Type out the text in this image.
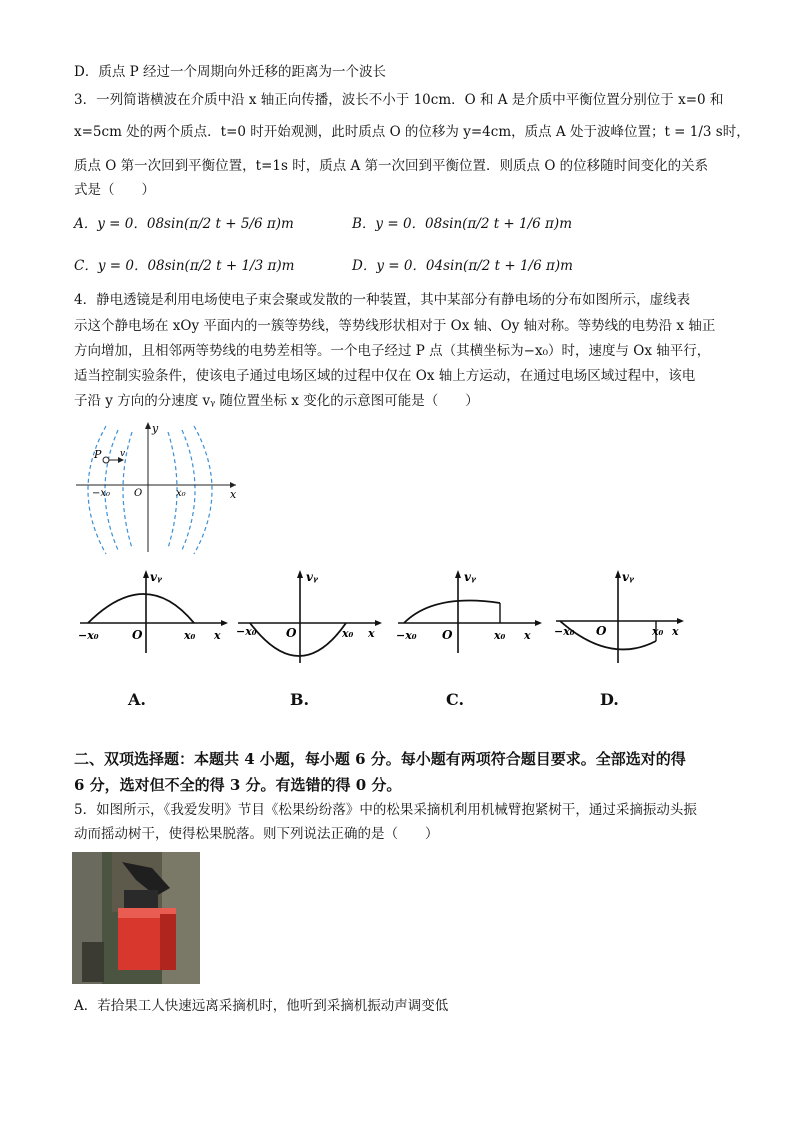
D．质点 P 经过一个周期向外迁移的距离为一个波长
3．一列简谐横波在介质中沿 x 轴正向传播，波长不小于 10cm．O 和 A 是介质中平衡位置分别位于 x=0 和
x=5cm 处的两个质点．t=0 时开始观测，此时质点 O 的位移为 y=4cm，质点 A 处于波峰位置；t = 1/3 s时，
质点 O 第一次回到平衡位置，t=1s 时，质点 A 第一次回到平衡位置．则质点 O 的位移随时间变化的关系
式是（　　）
A．y = 0．08sin(π/2 t + 5/6 π)m	B．y = 0．08sin(π/2 t + 1/6 π)m
C．y = 0．08sin(π/2 t + 1/3 π)m	D．y = 0．04sin(π/2 t + 1/6 π)m
4．静电透镜是利用电场使电子束会聚或发散的一种装置，其中某部分有静电场的分布如图所示，虚线表
示这个静电场在 xOy 平面内的一簇等势线，等势线形状相对于 Ox 轴、Oy 轴对称。等势线的电势沿 x 轴正
方向增加，且相邻两等势线的电势差相等。一个电子经过 P 点（其横坐标为−x₀）时，速度与 Ox 轴平行，
适当控制实验条件，使该电子通过电场区域的过程中仅在 Ox 轴上方运动，在通过电场区域过程中，该电
子沿 y 方向的分速度 vᵧ 随位置坐标 x 变化的示意图可能是（　　）
y
x
P v
−x₀ O	x₀
vᵧ
−x₀	O	x₀ x
A.
vᵧ
−x₀ O	x₀ x
B.
vᵧ
−x₀ O	x₀ x
C.
vᵧ
−x₀ O	x₀ x
D.
二、双项选择题：本题共 4 小题，每小题 6 分。每小题有两项符合题目要求。全部选对的得
6 分，选对但不全的得 3 分。有选错的得 0 分。
5．如图所示，《我爱发明》节目《松果纷纷落》中的松果采摘机利用机械臂抱紧树干，通过采摘振动头振
动而摇动树干，使得松果脱落。则下列说法正确的是（　　）
A．若拾果工人快速远离采摘机时，他听到采摘机振动声调变低
